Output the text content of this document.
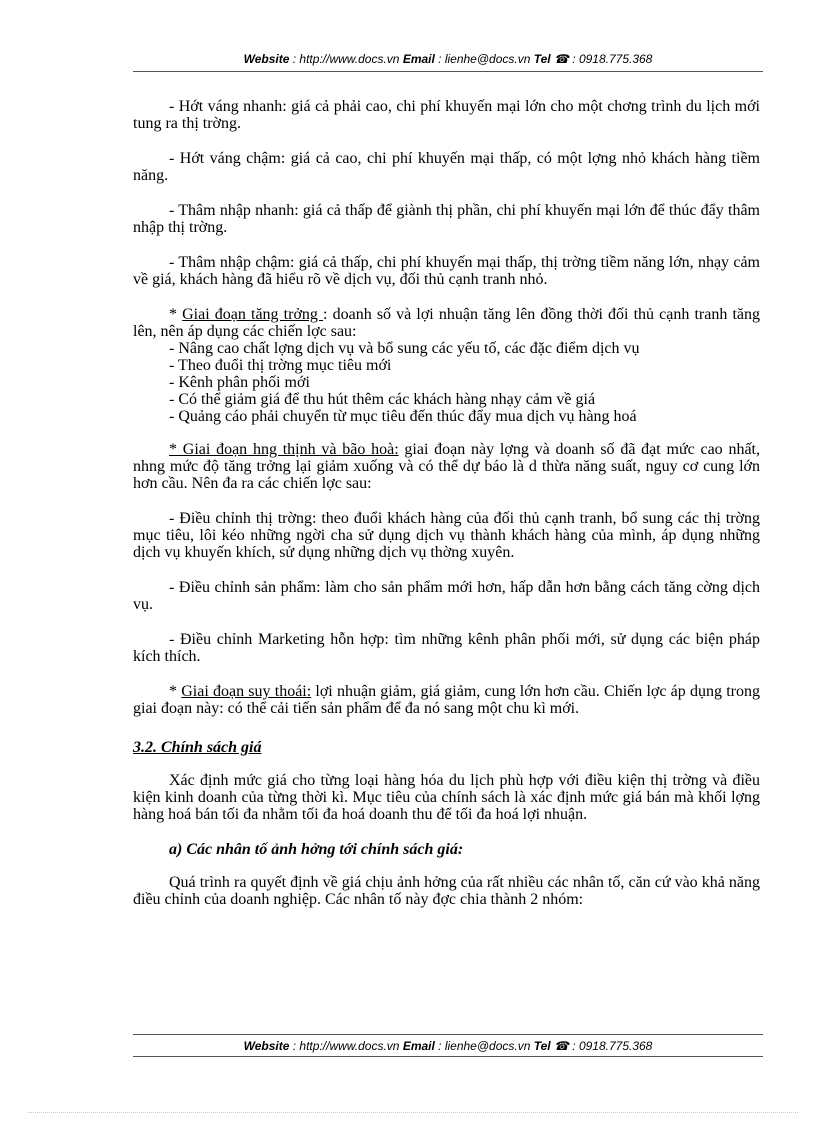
Website : http://www.docs.vn Email : lienhe@docs.vn Tel ☎ : 0918.775.368

- Hớt váng nhanh: giá cả phải cao, chi phí khuyến mại lớn cho một chơng trình du lịch mới tung ra thị trờng.

- Hớt váng chậm: giá cả cao, chi phí khuyến mại thấp, có một lợng nhỏ khách hàng tiềm năng.

- Thâm nhập nhanh: giá cả thấp để giành thị phần, chi phí khuyến mại lớn để thúc đẩy thâm nhập thị trờng.

- Thâm nhập chậm: giá cả thấp, chi phí khuyến mại thấp, thị trờng tiềm năng lớn, nhạy cảm về giá, khách hàng đã hiểu rõ về dịch vụ, đối thủ cạnh tranh nhỏ.

* Giai đoạn tăng trởng : doanh số và lợi nhuận tăng lên đồng thời đối thủ cạnh tranh tăng lên, nên áp dụng các chiến lợc sau:

- Nâng cao chất lợng dịch vụ và bổ sung các yếu tố, các đặc điểm dịch vụ

- Theo đuổi thị trờng mục tiêu mới

- Kênh phân phối mới

- Có thể giảm giá để thu hút thêm các khách hàng nhạy cảm về giá

- Quảng cáo phải chuyển từ mục tiêu đến thúc đẩy mua dịch vụ hàng hoá

* Giai đoạn hng thịnh và bão hoà: giai đoạn này lợng và doanh số đã đạt mức cao nhất, nhng mức độ tăng trởng lại giảm xuống và có thể dự báo là d thừa năng suất, nguy cơ cung lớn hơn cầu. Nên đa ra các chiến lợc sau:

- Điều chỉnh thị trờng: theo đuổi khách hàng của đối thủ cạnh tranh, bổ sung các thị trờng mục tiêu, lôi kéo những ngời cha sử dụng dịch vụ thành khách hàng của mình, áp dụng những dịch vụ khuyến khích, sử dụng những dịch vụ thờng xuyên.

- Điều chỉnh sản phẩm: làm cho sản phẩm mới hơn, hấp dẫn hơn bằng cách tăng cờng dịch vụ.

- Điều chỉnh Marketing hỗn hợp: tìm những kênh phân phối mới, sử dụng các biện pháp kích thích.

* Giai đoạn suy thoái: lợi nhuận giảm, giá giảm, cung lớn hơn cầu. Chiến lợc áp dụng trong giai đoạn này: có thể cải tiến sản phẩm để đa nó sang một chu kì mới.

3.2. Chính sách giá

Xác định mức giá cho từng loại hàng hóa du lịch phù hợp với điều kiện thị trờng và điều kiện kinh doanh của từng thời kì. Mục tiêu của chính sách là xác định mức giá bán mà khối lợng hàng hoá bán tối đa nhằm tối đa hoá doanh thu để tối đa hoá lợi nhuận.

a) Các nhân tố ảnh hởng tới chính sách giá:

Quá trình ra quyết định về giá chịu ảnh hởng của rất nhiều các nhân tố, căn cứ vào khả năng điều chỉnh của doanh nghiệp. Các nhân tố này đợc chia thành 2 nhóm:

Website : http://www.docs.vn Email : lienhe@docs.vn Tel ☎ : 0918.775.368
